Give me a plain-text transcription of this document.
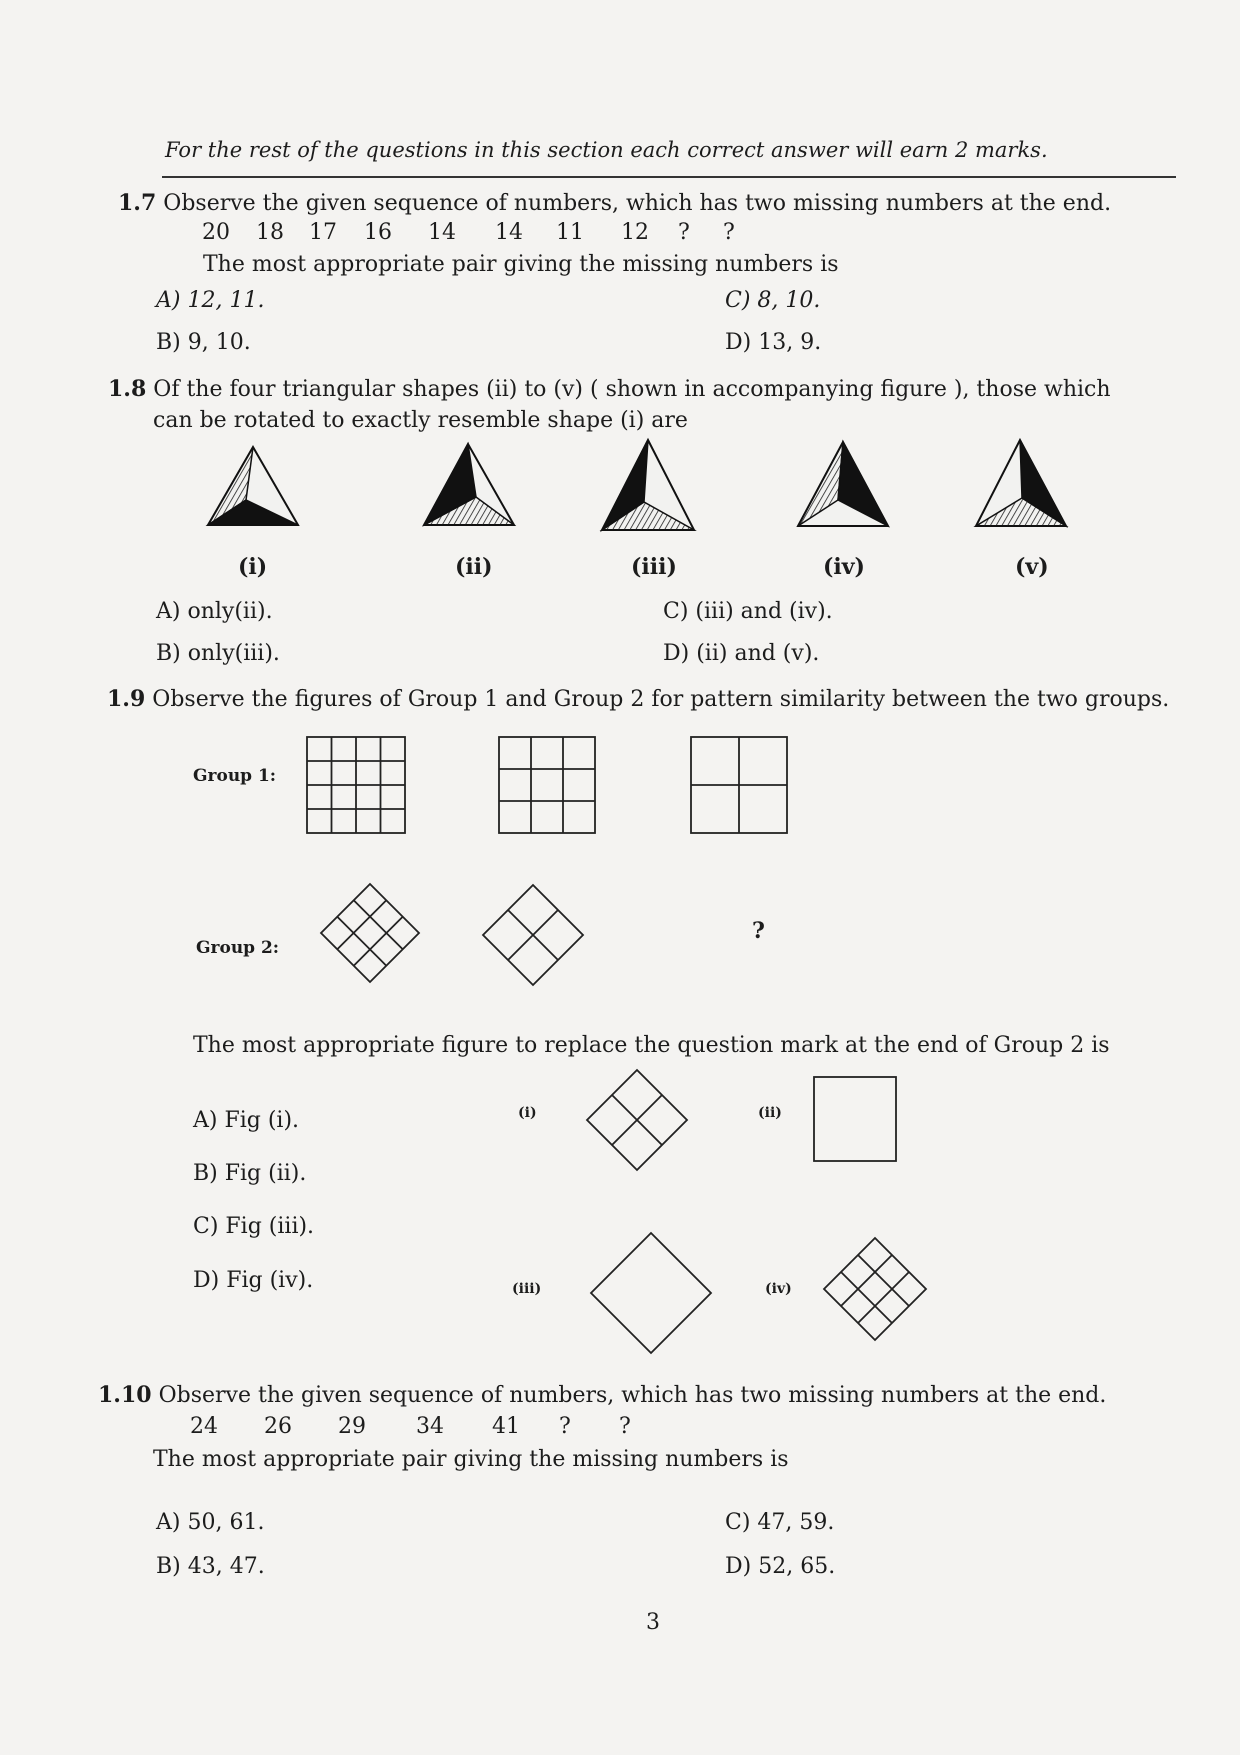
For the rest of the questions in this section each correct answer will earn 2 marks.
1.7 Observe the given sequence of numbers, which has two missing numbers at the end.
20 18 17 16 14 14 11 12 ? ?
The most appropriate pair giving the missing numbers is
A) 12, 11.	C) 8, 10.
B) 9, 10.	D) 13, 9.
1.8 Of the four triangular shapes (ii) to (v) ( shown in accompanying figure ), those which
can be rotated to exactly resemble shape (i) are
(i)	(ii)	(iii)	(iv)	(v)
A) only(ii).	C) (iii) and (iv).
B) only(iii).	D) (ii) and (v).
1.9 Observe the figures of Group 1 and Group 2 for pattern similarity between the two groups.
Group 1:
Group 2:
?
The most appropriate figure to replace the question mark at the end of Group 2 is
A) Fig (i).
B) Fig (ii).
C) Fig (iii).
D) Fig (iv).
(i)	(ii)
(iii)	(iv)
1.10 Observe the given sequence of numbers, which has two missing numbers at the end.
24 26 29 34 41 ? ?
The most appropriate pair giving the missing numbers is
A) 50, 61.	C) 47, 59.
B) 43, 47.	D) 52, 65.
3
